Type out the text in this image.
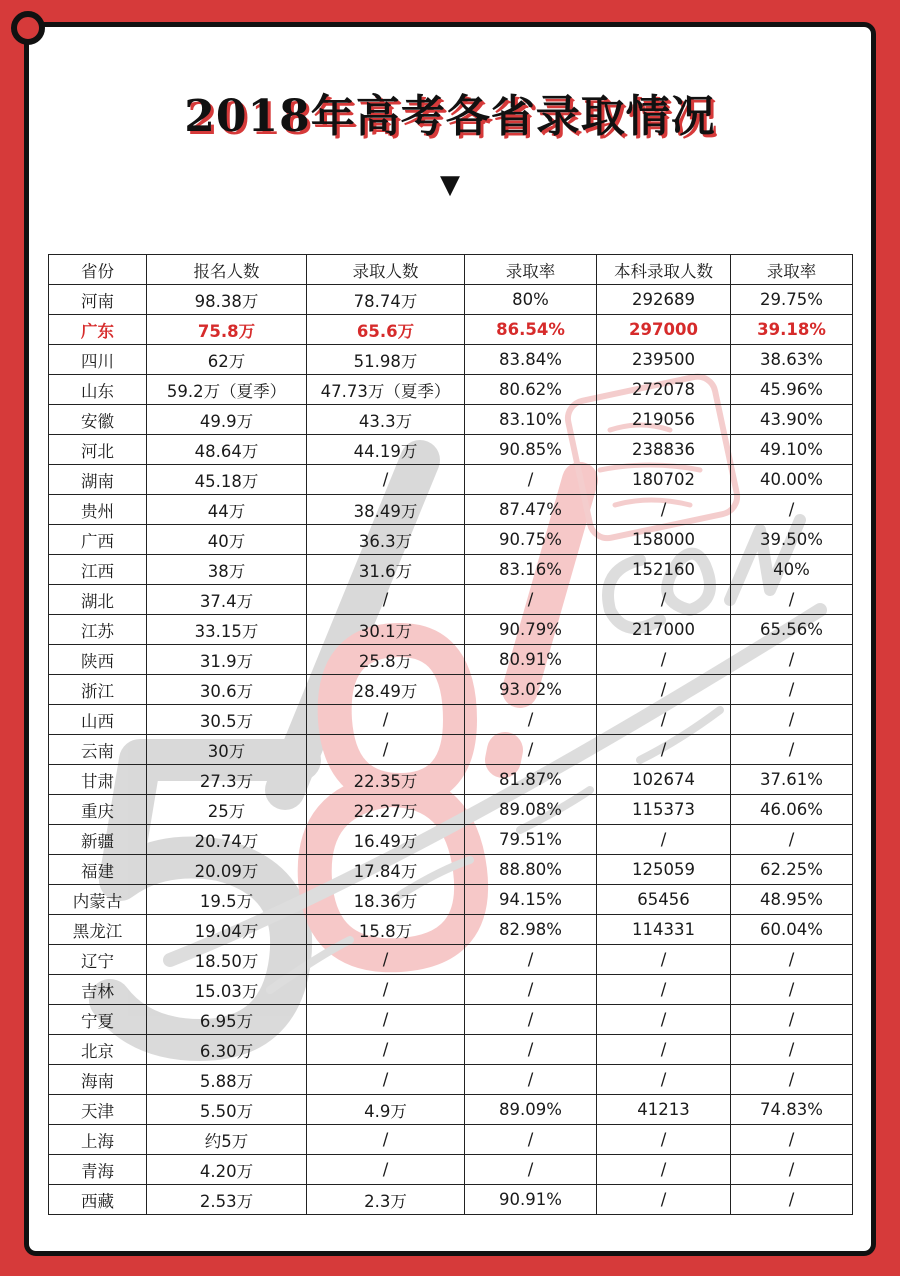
2018年高考各省录取情况
▼
省份	报名人数	录取人数	录取率	本科录取人数	录取率
河南	98.38万	78.74万	80%	292689	29.75%
广东	75.8万	65.6万	86.54%	297000	39.18%
四川	62万	51.98万	83.84%	239500	38.63%
山东	59.2万（夏季）	47.73万（夏季）	80.62%	272078	45.96%
安徽	49.9万	43.3万	83.10%	219056	43.90%
河北	48.64万	44.19万	90.85%	238836	49.10%
湖南	45.18万	/	/	180702	40.00%
贵州	44万	38.49万	87.47%	/	/
广西	40万	36.3万	90.75%	158000	39.50%
江西	38万	31.6万	83.16%	152160	40%
湖北	37.4万	/	/	/	/
江苏	33.15万	30.1万	90.79%	217000	65.56%
陕西	31.9万	25.8万	80.91%	/	/
浙江	30.6万	28.49万	93.02%	/	/
山西	30.5万	/	/	/	/
云南	30万	/	/	/	/
甘肃	27.3万	22.35万	81.87%	102674	37.61%
重庆	25万	22.27万	89.08%	115373	46.06%
新疆	20.74万	16.49万	79.51%	/	/
福建	20.09万	17.84万	88.80%	125059	62.25%
内蒙古	19.5万	18.36万	94.15%	65456	48.95%
黑龙江	19.04万	15.8万	82.98%	114331	60.04%
辽宁	18.50万	/	/	/	/
吉林	15.03万	/	/	/	/
宁夏	6.95万	/	/	/	/
北京	6.30万	/	/	/	/
海南	5.88万	/	/	/	/
天津	5.50万	4.9万	89.09%	41213	74.83%
上海	约5万	/	/	/	/
青海	4.20万	/	/	/	/
西藏	2.53万	2.3万	90.91%	/	/
